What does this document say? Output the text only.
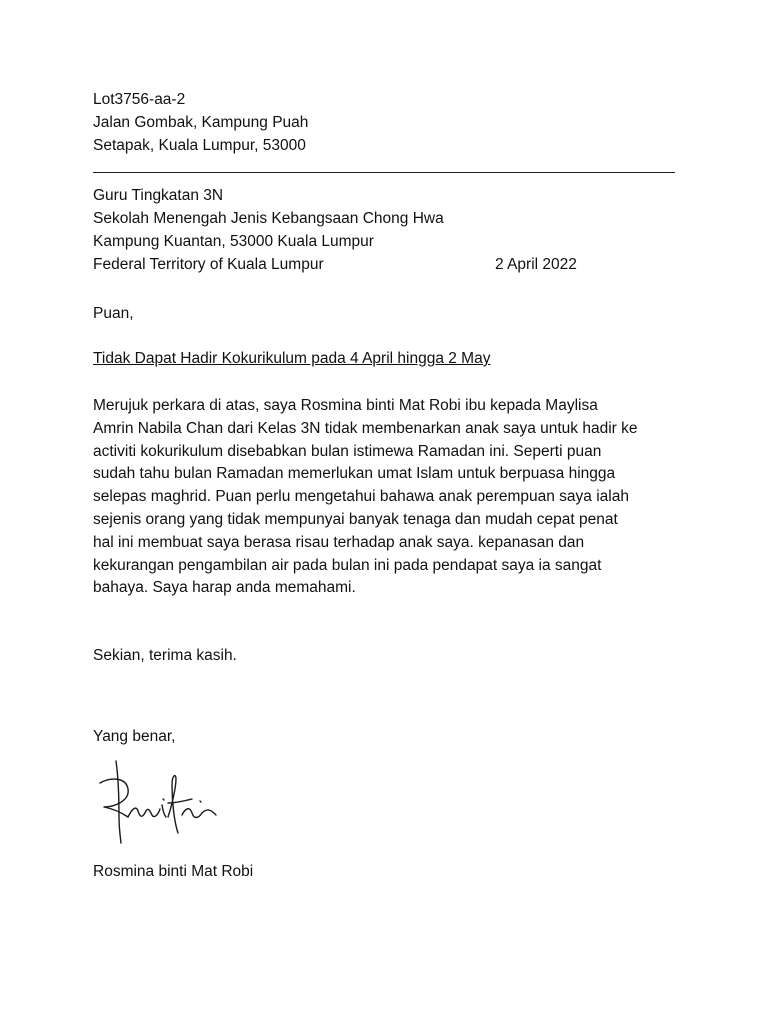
Lot3756-aa-2
Jalan Gombak, Kampung Puah
Setapak, Kuala Lumpur, 53000
Guru Tingkatan 3N
Sekolah Menengah Jenis Kebangsaan Chong Hwa
Kampung Kuantan, 53000 Kuala Lumpur
Federal Territory of Kuala Lumpur	2 April 2022
Puan,
Tidak Dapat Hadir Kokurikulum pada 4 April hingga 2 May
Merujuk perkara di atas, saya Rosmina binti Mat Robi ibu kepada Maylisa
Amrin Nabila Chan dari Kelas 3N tidak membenarkan anak saya untuk hadir ke
activiti kokurikulum disebabkan bulan istimewa Ramadan ini. Seperti puan
sudah tahu bulan Ramadan memerlukan umat Islam untuk berpuasa hingga
selepas maghrid. Puan perlu mengetahui bahawa anak perempuan saya ialah
sejenis orang yang tidak mempunyai banyak tenaga dan mudah cepat penat
hal ini membuat saya berasa risau terhadap anak saya. kepanasan dan
kekurangan pengambilan air pada bulan ini pada pendapat saya ia sangat
bahaya. Saya harap anda memahami.
Sekian, terima kasih.
Yang benar,
Rosmina binti Mat Robi
